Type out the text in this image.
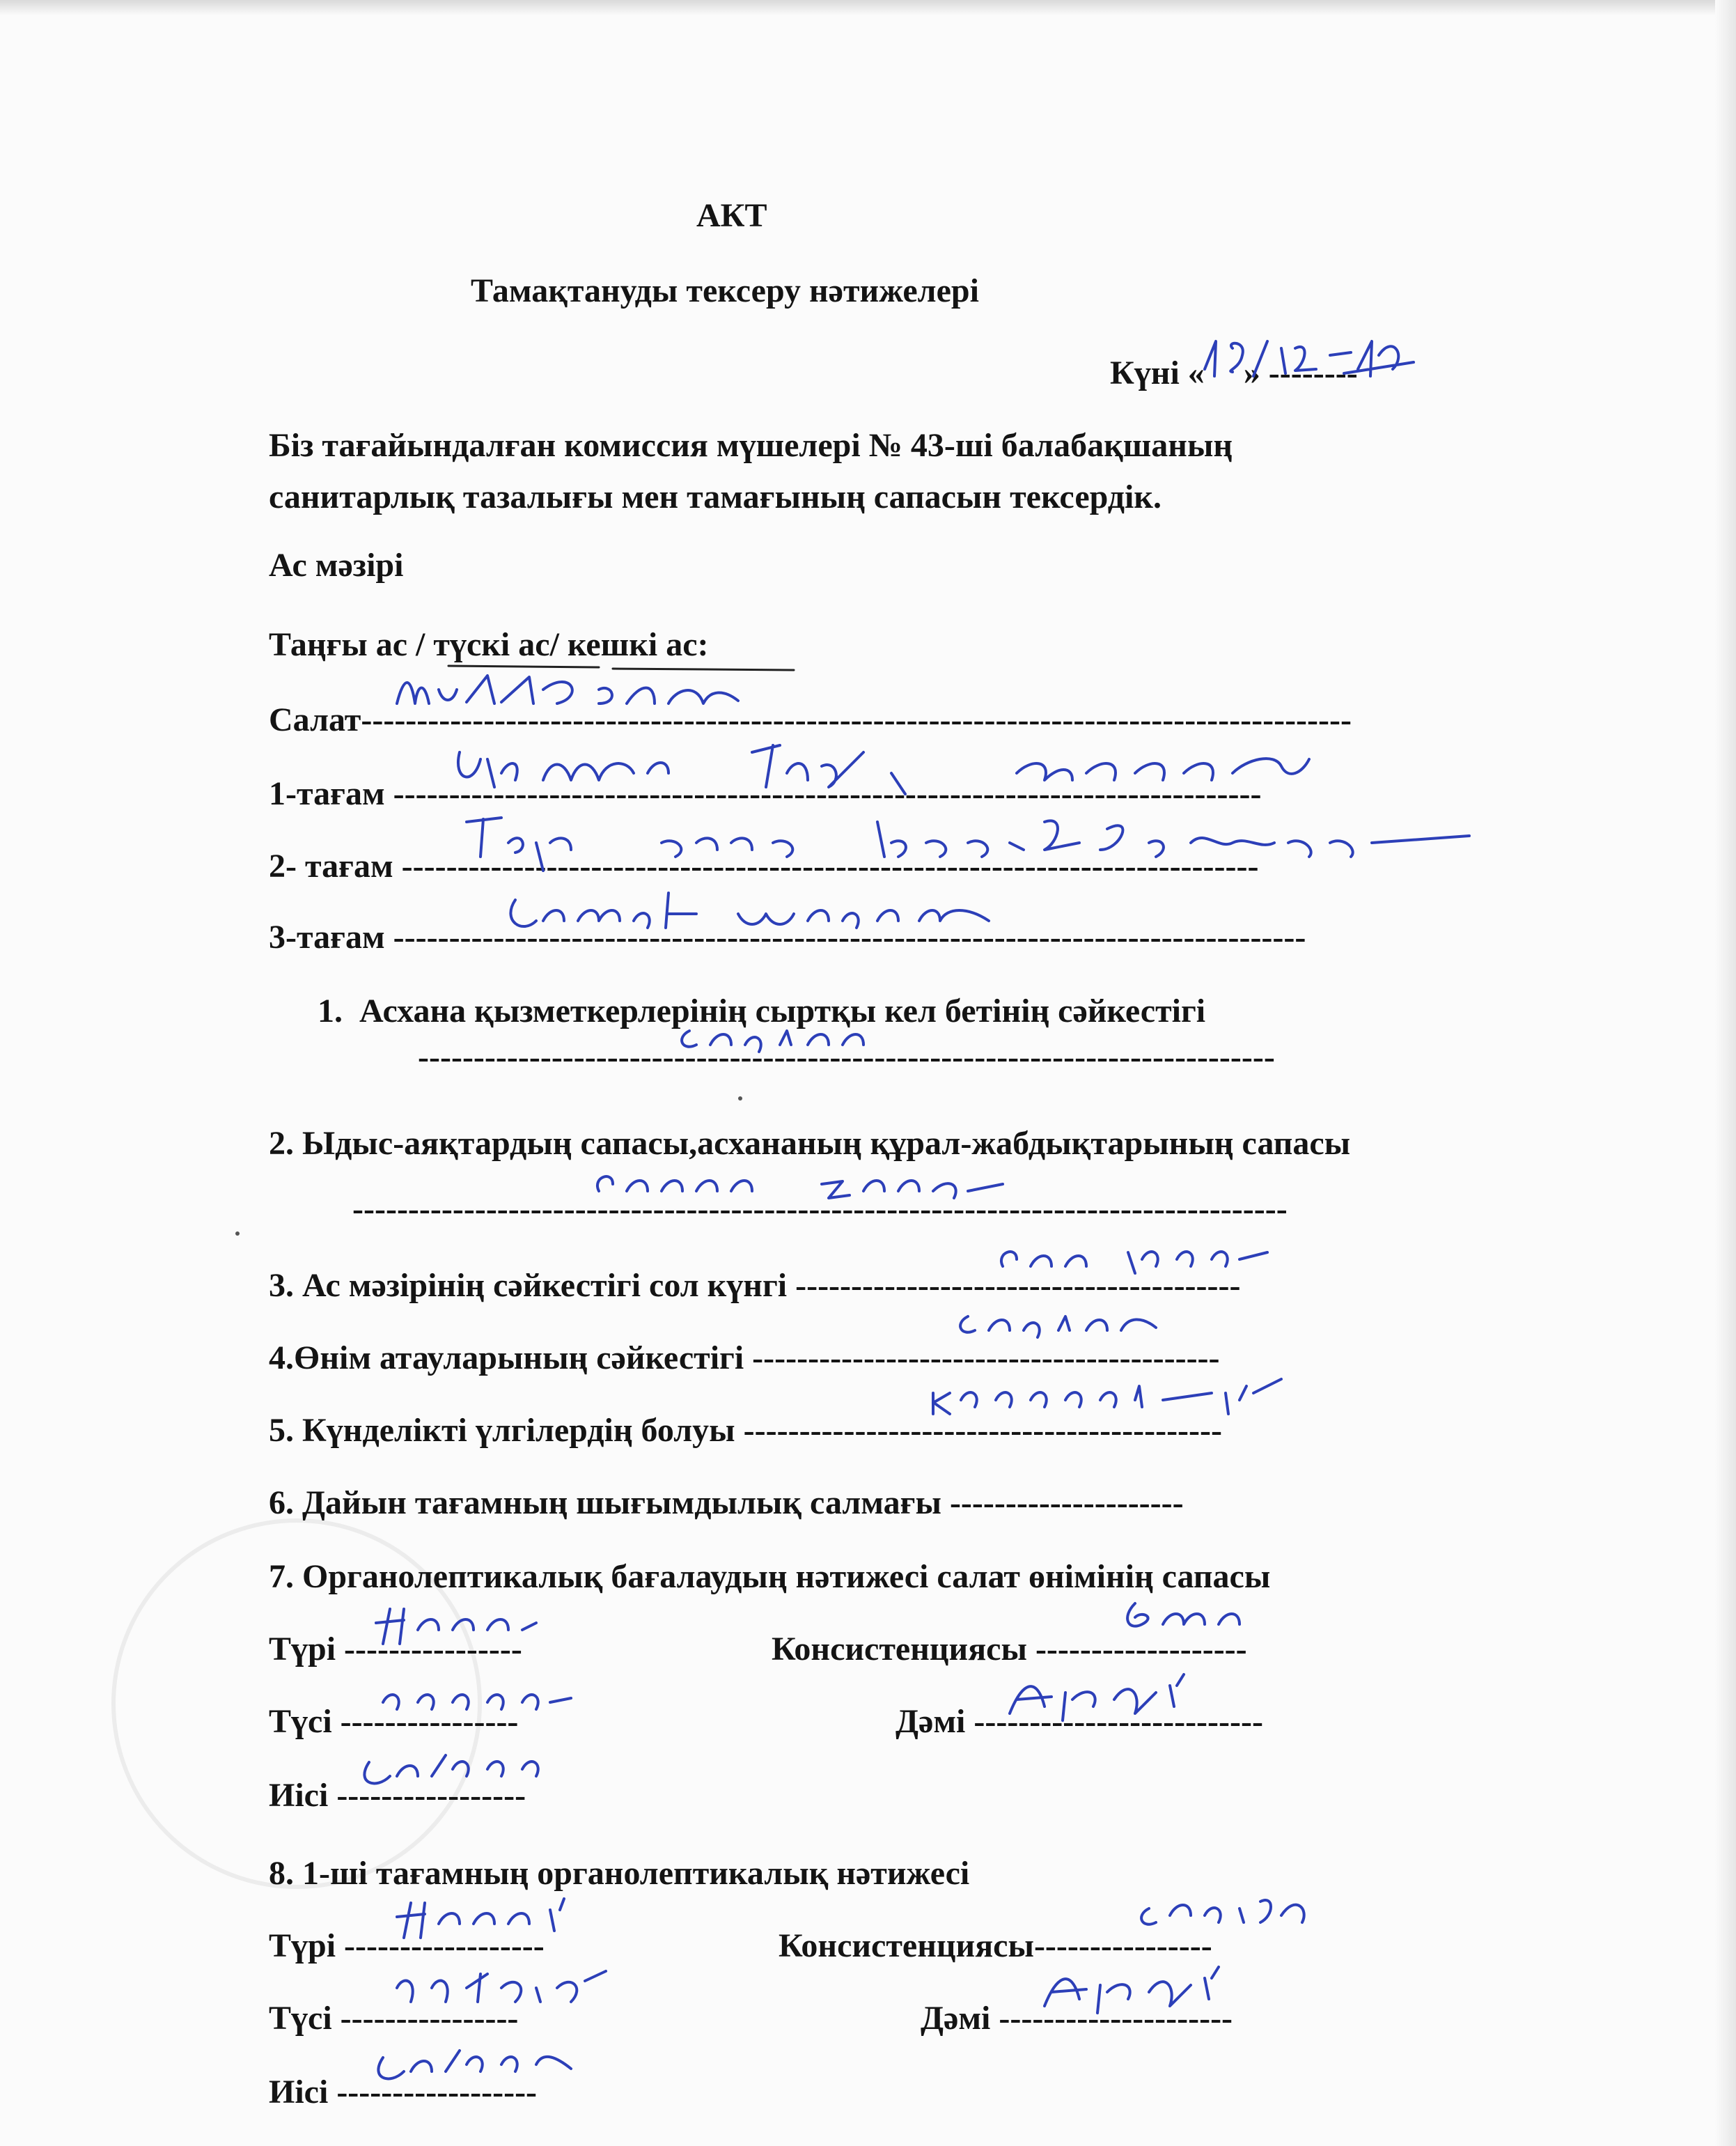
АКТ
Тамақтануды тексеру нәтижелері
Күні « » --------
Біз тағайындалған комиссия мүшелері № 43-ші балабақшаның
санитарлық тазалығы мен тамағының сапасын тексердік.
Ас мәзірі
Таңғы ас / түскі ас/ кешкі ас:
Салат-----------------------------------------------------------------------------------------
1-тағам ------------------------------------------------------------------------------
2- тағам -----------------------------------------------------------------------------
3-тағам ----------------------------------------------------------------------------------
1. Асхана қызметкерлерінің сыртқы кел бетінің сәйкестігі
-----------------------------------------------------------------------------
2. Ыдыс-аяқтардың сапасы,асхананың құрал-жабдықтарының сапасы
------------------------------------------------------------------------------------
3. Ас мәзірінің сәйкестігі сол күнгі ----------------------------------------
4.Өнім атауларының сәйкестігі ------------------------------------------
5. Күнделікті үлгілердің болуы -------------------------------------------
6. Дайын тағамның шығымдылық салмағы ---------------------
7. Органолептикалық бағалаудың нәтижесі салат өнімінің сапасы
Түрі ----------------	Консистенциясы -------------------
Түсі ----------------	Дәмі --------------------------
Иісі -----------------
8. 1-ші тағамның органолептикалық нәтижесі
Түрі ------------------	Консистенциясы----------------
Түсі ----------------	Дәмі ---------------------
Иісі ------------------
